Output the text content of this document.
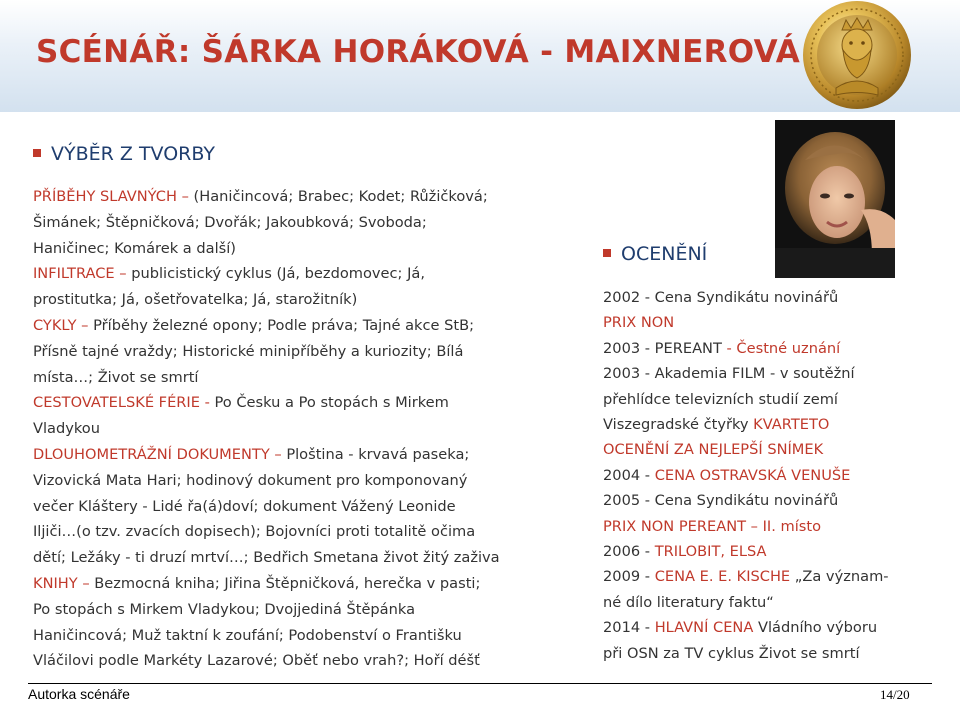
SCÉNÁŘ: ŠÁRKA HORÁKOVÁ - MAIXNEROVÁ
VÝBĚR Z TVORBY
OCENĚNÍ
PŘÍBĚHY SLAVNÝCH – (Haničincová; Brabec; Kodet; Růžičková;
Šimánek; Štěpničková; Dvořák; Jakoubková; Svoboda;
Haničinec; Komárek a další)
INFILTRACE – publicistický cyklus (Já, bezdomovec; Já,
prostitutka; Já, ošetřovatelka; Já, starožitník)
CYKLY – Příběhy železné opony; Podle práva; Tajné akce StB;
Přísně tajné vraždy; Historické minipříběhy a kuriozity; Bílá
místa…; Život se smrtí
CESTOVATELSKÉ FÉRIE - Po Česku a Po stopách s Mirkem
Vladykou
DLOUHOMETRÁŽNÍ DOKUMENTY – Ploština - krvavá paseka;
Vizovická Mata Hari; hodinový dokument pro komponovaný
večer Kláštery - Lidé řa(á)doví; dokument Vážený Leonide
Iljiči…(o tzv. zvacích dopisech); Bojovníci proti totalitě očima
dětí; Ležáky - ti druzí mrtví…; Bedřich Smetana život žitý zaživa
KNIHY – Bezmocná kniha; Jiřina Štěpničková, herečka v pasti;
Po stopách s Mirkem Vladykou; Dvojjediná Štěpánka
Haničincová; Muž taktní k zoufání; Podobenství o Františku
Vláčilovi podle Markéty Lazarové; Oběť nebo vrah?; Hoří déšť
2002 - Cena Syndikátu novinářů
PRIX NON
2003 - PEREANT - Čestné uznání
2003 - Akademia FILM - v soutěžní
přehlídce televizních studií zemí
Viszegradské čtyřky KVARTETO
OCENĚNÍ ZA NEJLEPŠÍ SNÍMEK
2004 - CENA OSTRAVSKÁ VENUŠE
2005 - Cena Syndikátu novinářů
PRIX NON PEREANT – II. místo
2006 - TRILOBIT, ELSA
2009 - CENA E. E. KISCHE „Za význam-
né dílo literatury faktu“
2014 - HLAVNÍ CENA Vládního výboru
při OSN za TV cyklus Život se smrtí
Autorka scénáře	14/20
